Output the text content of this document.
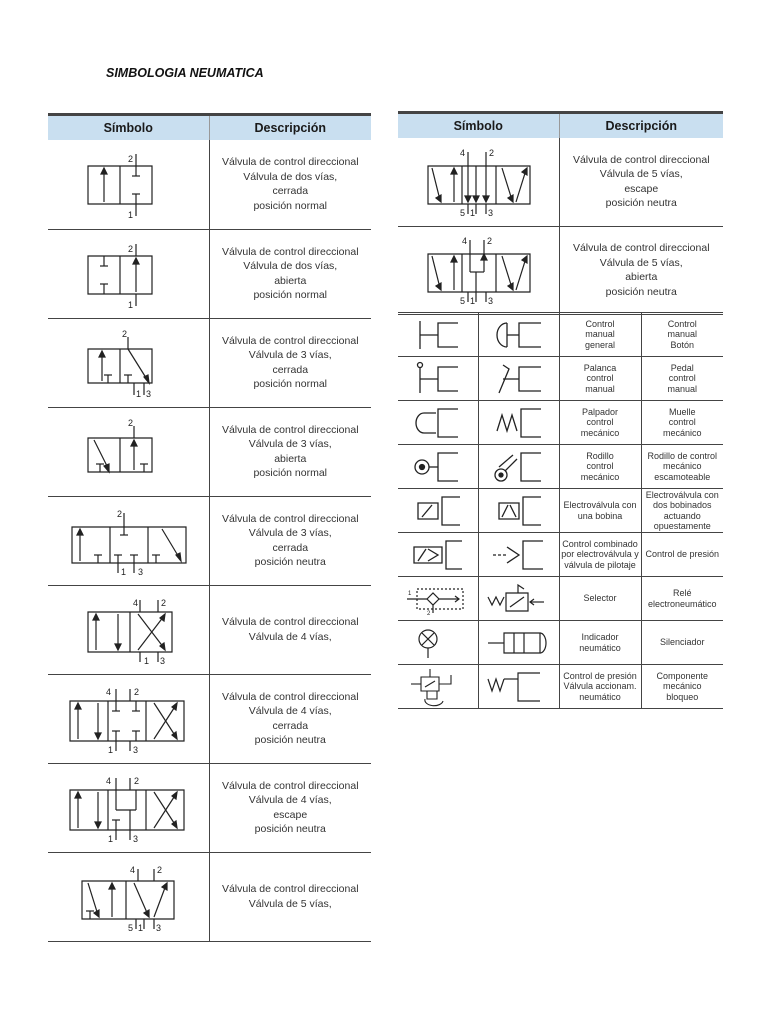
SIMBOLOGIA NEUMATICA
Símbolo	Descripción

2
1	Válvula de control direccional
Válvula de dos vías,
cerrada
posición normal

2
1	Válvula de control direccional
Válvula de dos vías,
abierta
posición normal

2
1 3	Válvula de control direccional
Válvula de 3 vías,
cerrada
posición normal

2	Válvula de control direccional
Válvula de 3 vías,
abierta
posición normal

2
1 3	Válvula de control direccional
Válvula de 3 vías,
cerrada
posición neutra

4 2
1 3	Válvula de control direccional
Válvula de 4 vías,

4 2
1 3	Válvula de control direccional
Válvula de 4 vías,
cerrada
posición neutra

4 2
1 3	Válvula de control direccional
Válvula de 4 vías,
escape
posición neutra

4 2
5 1 3	Válvula de control direccional
Válvula de 5 vías,
Símbolo	Descripción

4 2
5 1 3	Válvula de control direccional
Válvula de 5 vías,
escape
posición neutra

4 2
5 1 3	Válvula de control direccional
Válvula de 5 vías,
abierta
posición neutra

Control
manual
general	Control
manual
Botón

Palanca
control
manual	Pedal
control
manual

Palpador
control
mecánico	Muelle
control
mecánico

Rodillo
control
mecánico	Rodillo de control
mecánico
escamoteable

Electroválvula con
una bobina	Electroválvula con
dos bobinados
actuando opuestamente

Control combinado
por electroválvula y
válvula de pilotaje	Control de presión

1
2		Selector	Relé
electroneumático

Indicador
neumático	Silenciador

Control de presión
Válvula accionam.
neumático	Componente
mecánico
bloqueo
